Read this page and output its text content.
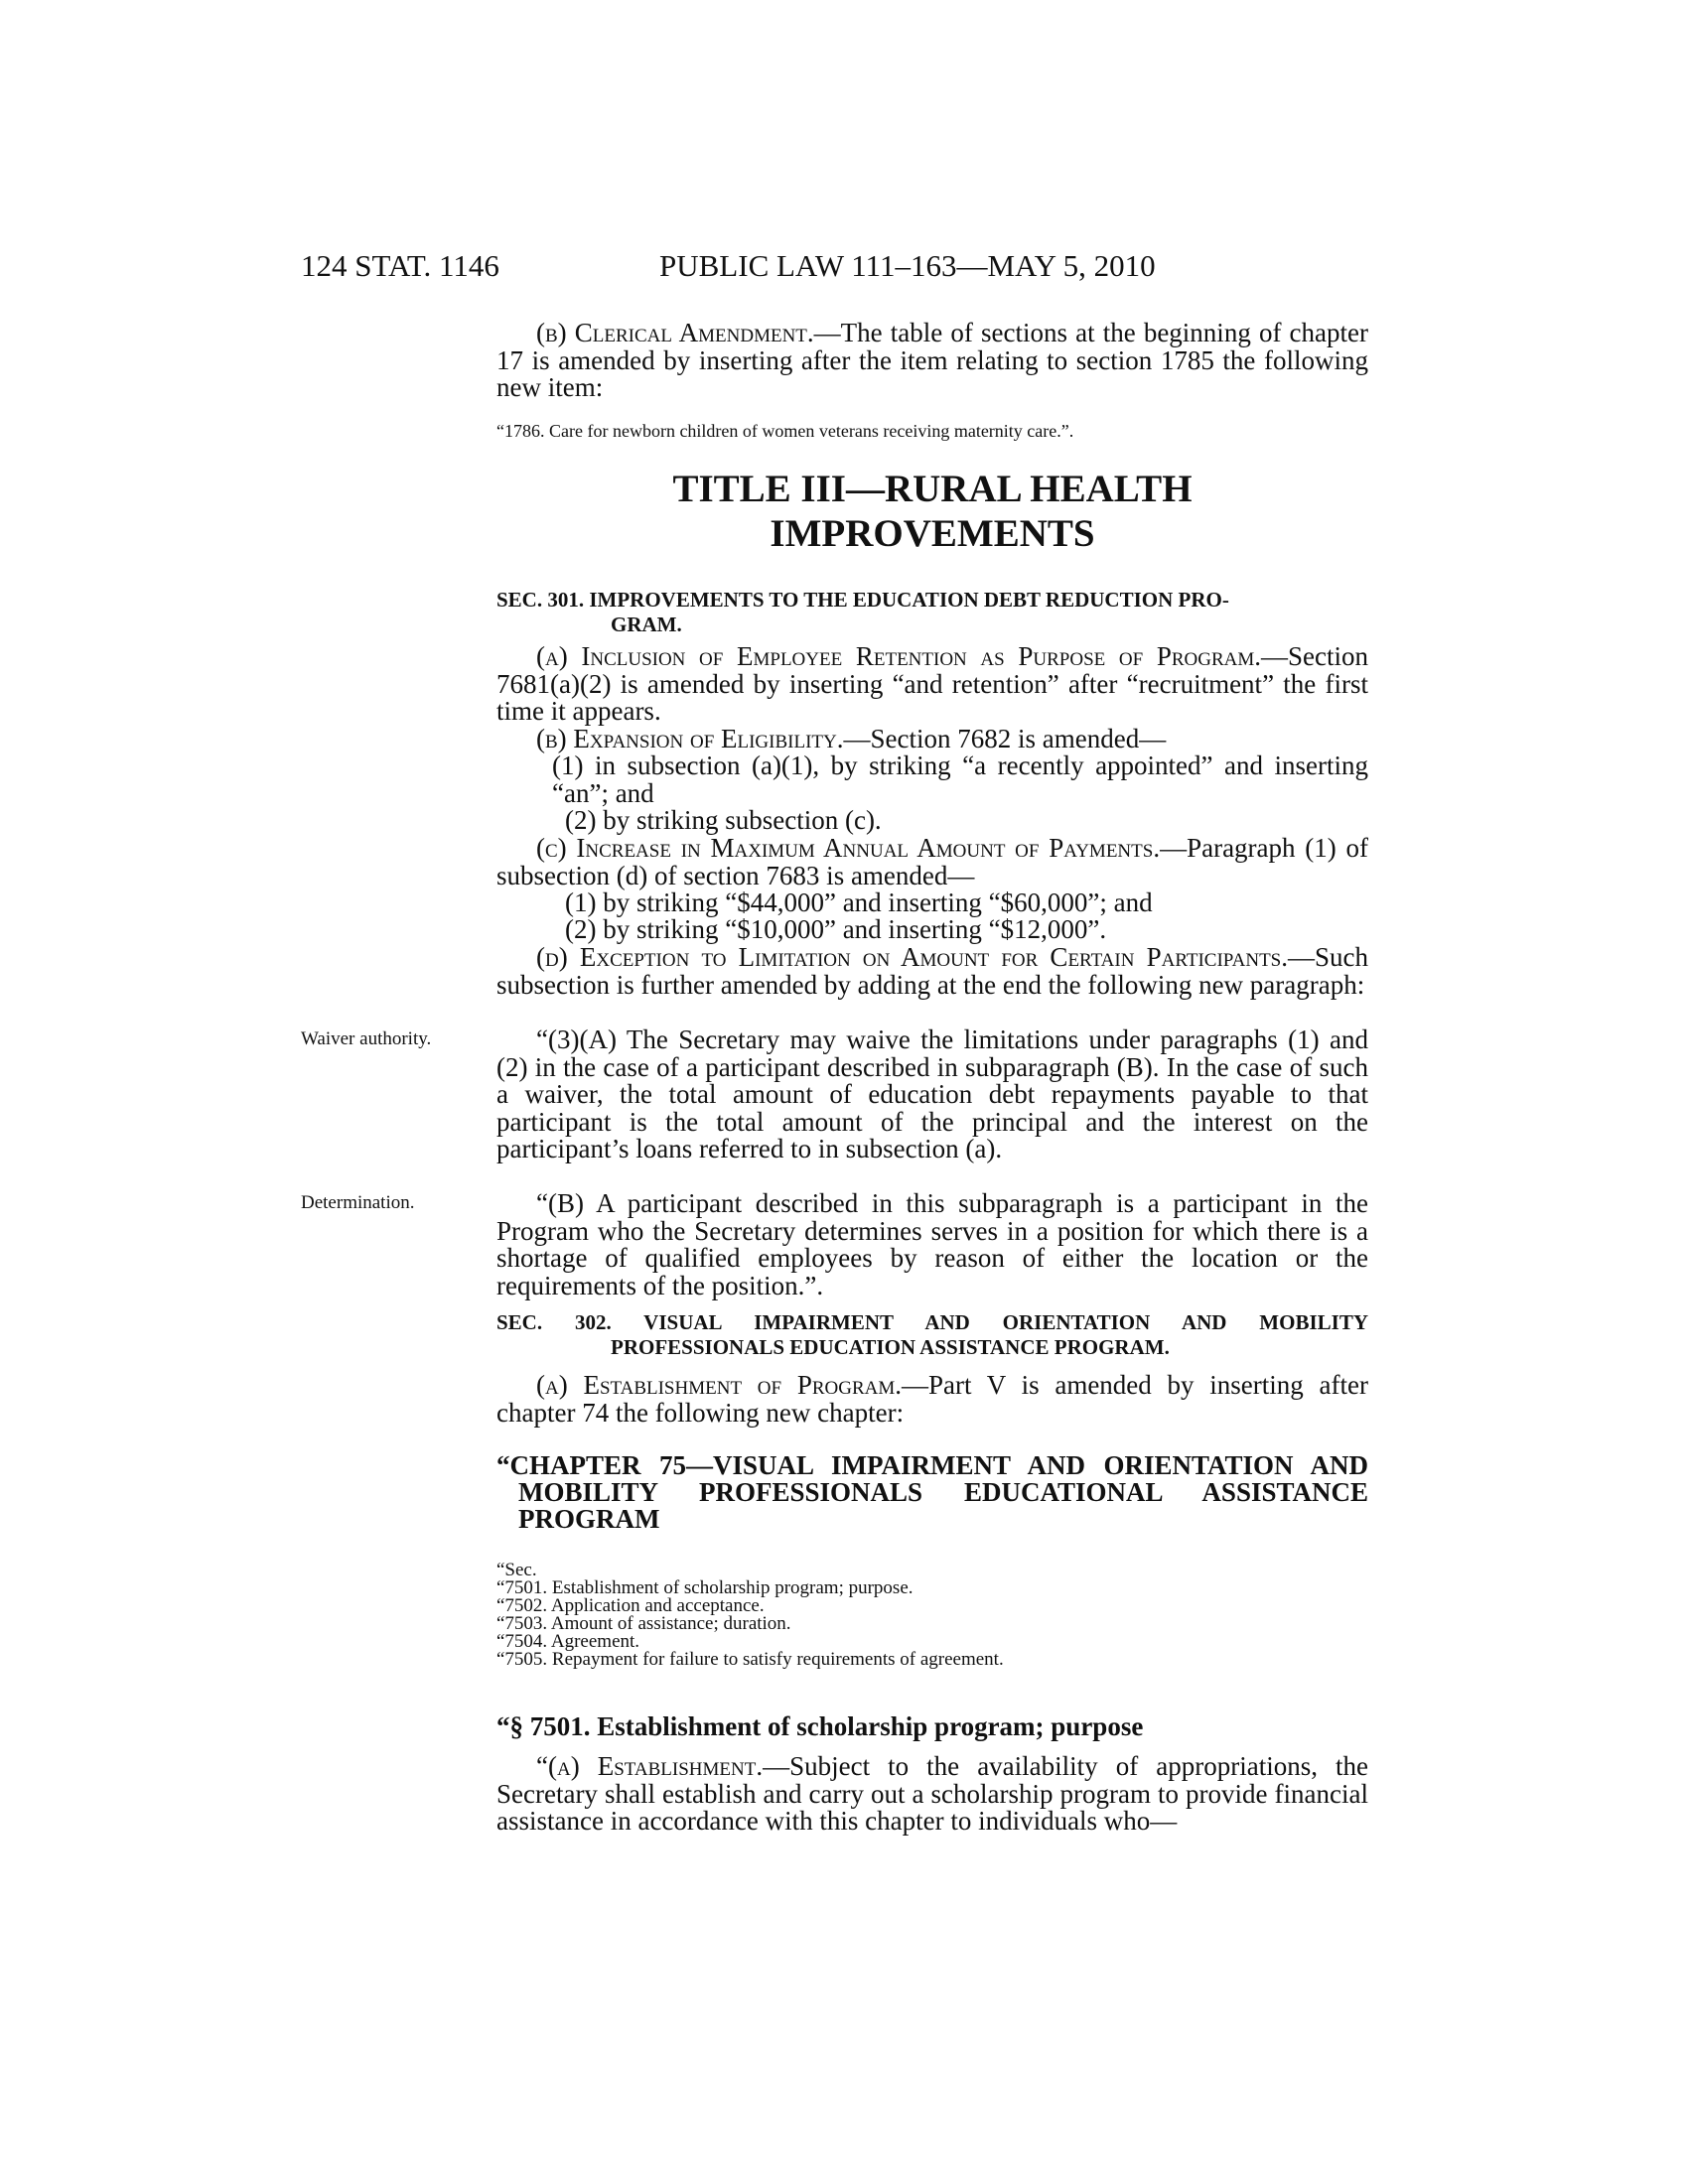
124 STAT. 1146	PUBLIC LAW 111–163—MAY 5, 2010

(b) Clerical Amendment.—The table of sections at the beginning of chapter 17 is amended by inserting after the item relating to section 1785 the following new item:

“1786. Care for newborn children of women veterans receiving maternity care.”.
TITLE III—RURAL HEALTH
IMPROVEMENTS
SEC. 301. IMPROVEMENTS TO THE EDUCATION DEBT REDUCTION PRO-
GRAM.

(a) Inclusion of Employee Retention as Purpose of Program.—Section 7681(a)(2) is amended by inserting “and retention” after “recruitment” the first time it appears.

(b) Expansion of Eligibility.—Section 7682 is amended—

(1) in subsection (a)(1), by striking “a recently appointed” and inserting “an”; and

(2) by striking subsection (c).

(c) Increase in Maximum Annual Amount of Payments.—Paragraph (1) of subsection (d) of section 7683 is amended—

(1) by striking “$44,000” and inserting “$60,000”; and

(2) by striking “$10,000” and inserting “$12,000”.

(d) Exception to Limitation on Amount for Certain Participants.—Such subsection is further amended by adding at the end the following new paragraph:

Waiver authority.
Determination.

“(3)(A) The Secretary may waive the limitations under paragraphs (1) and (2) in the case of a participant described in subparagraph (B). In the case of such a waiver, the total amount of education debt repayments payable to that participant is the total amount of the principal and the interest on the participant’s loans referred to in subsection (a).

“(B) A participant described in this subparagraph is a participant in the Program who the Secretary determines serves in a position for which there is a shortage of qualified employees by reason of either the location or the requirements of the position.”.

SEC. 302. VISUAL IMPAIRMENT AND ORIENTATION AND MOBILITY
PROFESSIONALS EDUCATION ASSISTANCE PROGRAM.

(a) Establishment of Program.—Part V is amended by inserting after chapter 74 the following new chapter:

“CHAPTER 75—VISUAL IMPAIRMENT AND ORIENTATION AND MOBILITY PROFESSIONALS EDUCATIONAL ASSISTANCE PROGRAM
“Sec.
“7501. Establishment of scholarship program; purpose.
“7502. Application and acceptance.
“7503. Amount of assistance; duration.
“7504. Agreement.
“7505. Repayment for failure to satisfy requirements of agreement.
“§ 7501. Establishment of scholarship program; purpose

“(a) Establishment.—Subject to the availability of appropriations, the Secretary shall establish and carry out a scholarship program to provide financial assistance in accordance with this chapter to individuals who—
